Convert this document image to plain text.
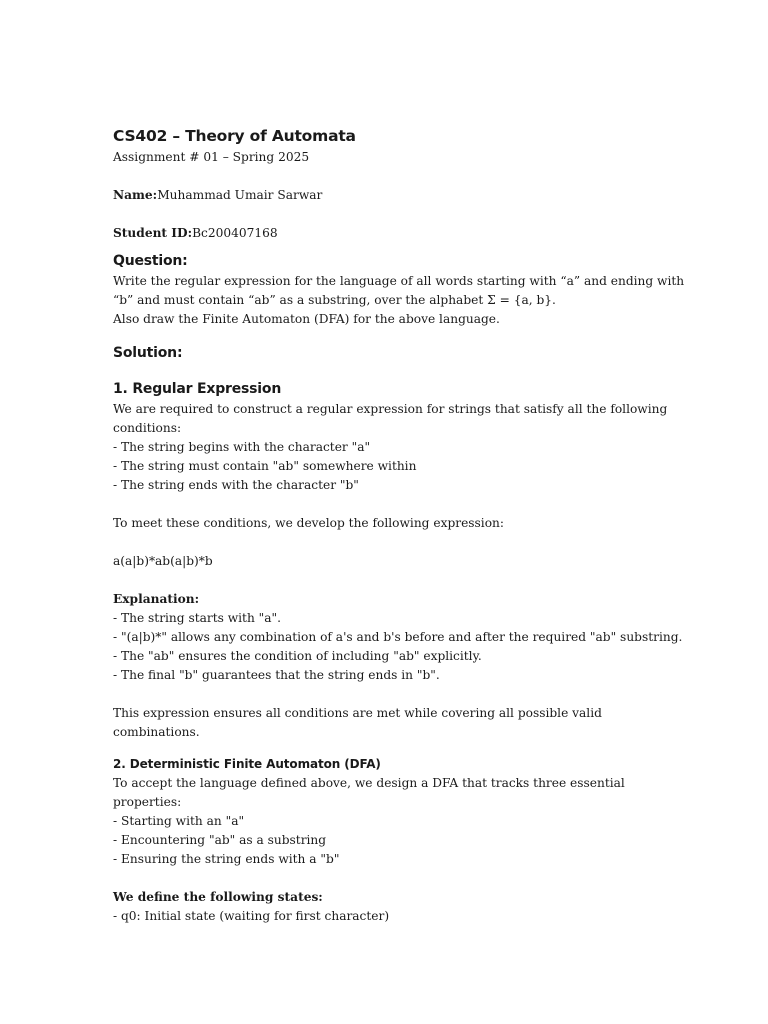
CS402 – Theory of Automata

Assignment # 01 – Spring 2025

Name:Muhammad Umair Sarwar

Student ID:Bc200407168

Question:

Write the regular expression for the language of all words starting with “a” and ending with

“b” and must contain “ab” as a substring, over the alphabet Σ = {a, b}.

Also draw the Finite Automaton (DFA) for the above language.

Solution:
1. Regular Expression

We are required to construct a regular expression for strings that satisfy all the following

conditions:

- The string begins with the character "a"

- The string must contain "ab" somewhere within

- The string ends with the character "b"

To meet these conditions, we develop the following expression:

a(a|b)*ab(a|b)*b

Explanation:

- The string starts with "a".

- "(a|b)*" allows any combination of a's and b's before and after the required "ab" substring.

- The "ab" ensures the condition of including "ab" explicitly.

- The final "b" guarantees that the string ends in "b".

This expression ensures all conditions are met while covering all possible valid

combinations.

2. Deterministic Finite Automaton (DFA)

To accept the language defined above, we design a DFA that tracks three essential

properties:

- Starting with an "a"

- Encountering "ab" as a substring

- Ensuring the string ends with a "b"

We define the following states:

- q0: Initial state (waiting for first character)
